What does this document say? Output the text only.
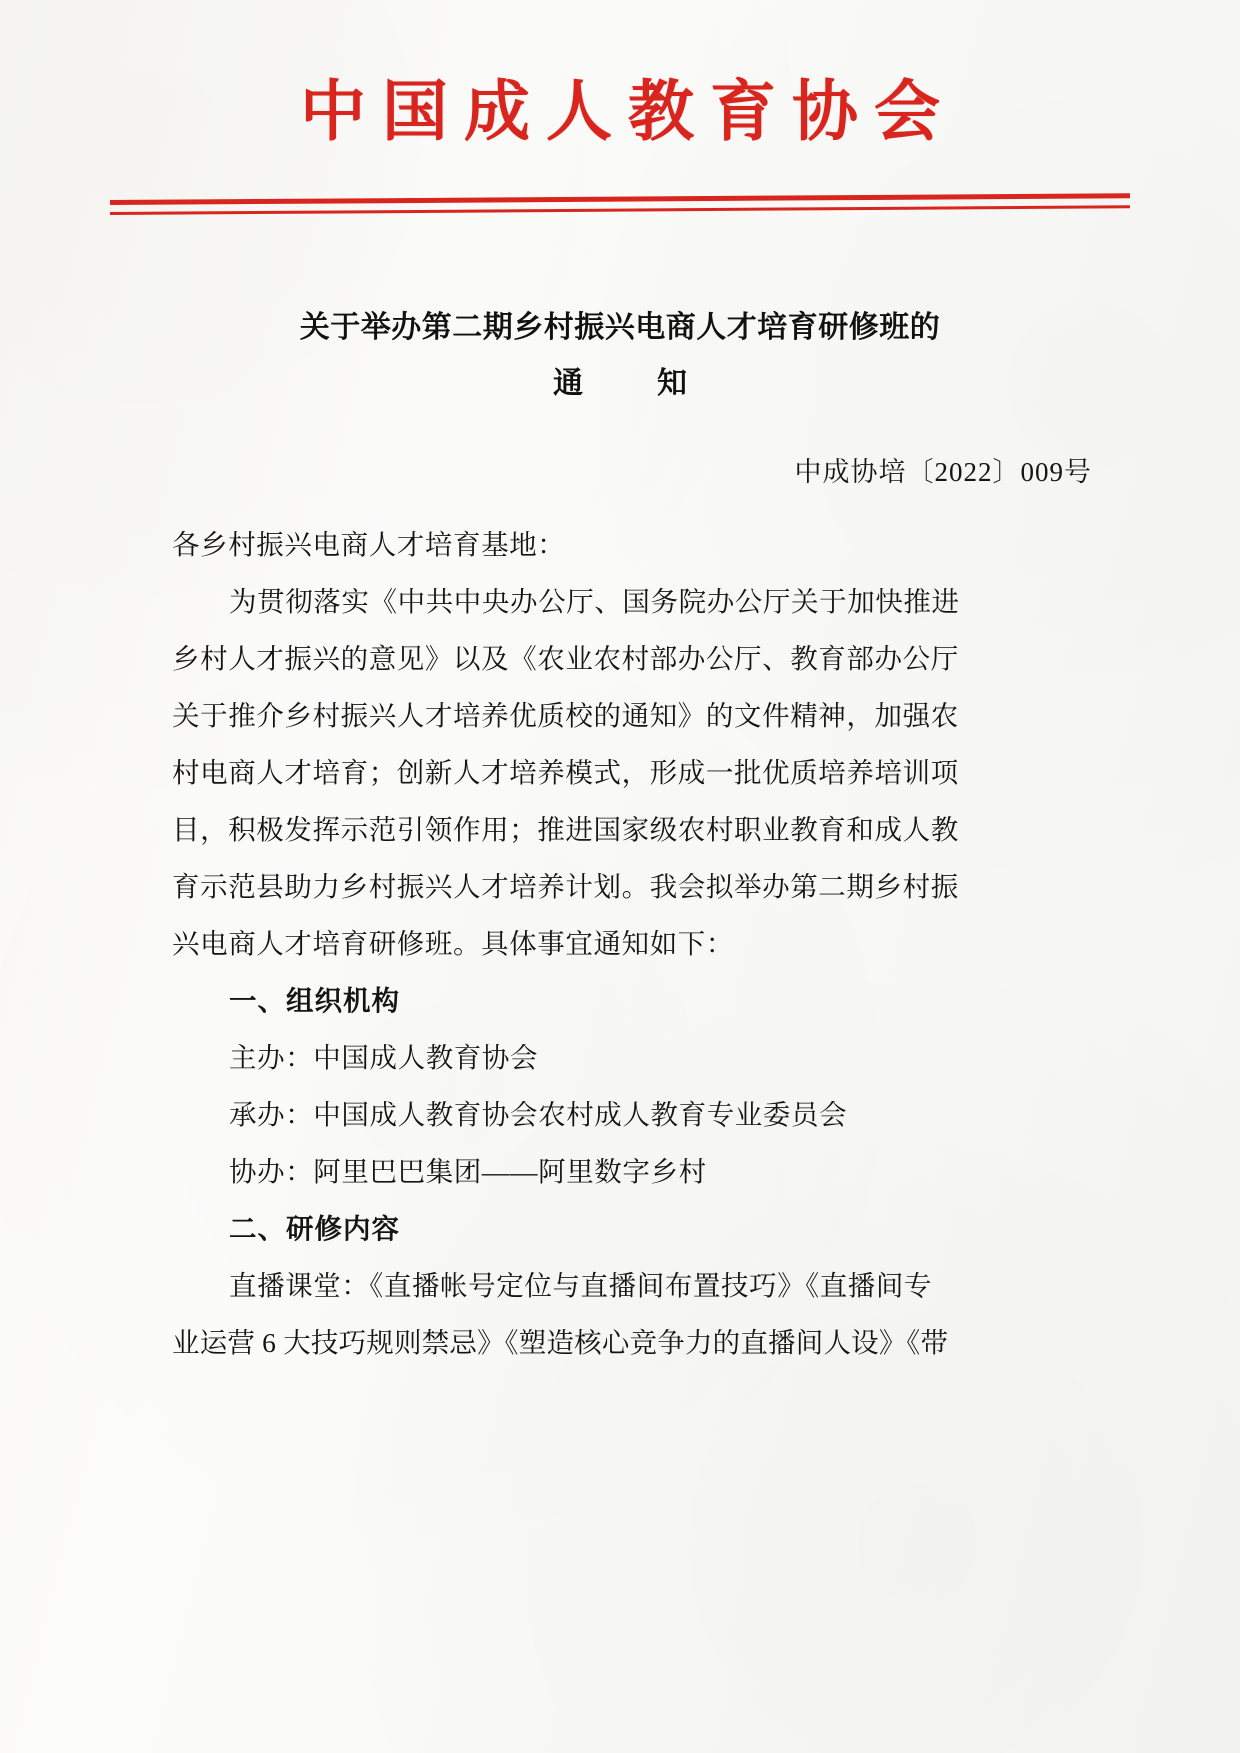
中国成人教育协会
关于举办第二期乡村振兴电商人才培育研修班的
通　知
中成协培〔2022〕009号
各乡村振兴电商人才培育基地：
为贯彻落实《中共中央办公厅、国务院办公厅关于加快推进
乡村人才振兴的意见》以及《农业农村部办公厅、教育部办公厅
关于推介乡村振兴人才培养优质校的通知》的文件精神，加强农
村电商人才培育；创新人才培养模式，形成一批优质培养培训项
目，积极发挥示范引领作用；推进国家级农村职业教育和成人教
育示范县助力乡村振兴人才培养计划。我会拟举办第二期乡村振
兴电商人才培育研修班。具体事宜通知如下：
一、组织机构
主办：中国成人教育协会
承办：中国成人教育协会农村成人教育专业委员会
协办：阿里巴巴集团——阿里数字乡村
二、研修内容
直播课堂：《直播帐号定位与直播间布置技巧》《直播间专
业运营 6 大技巧规则禁忌》《塑造核心竞争力的直播间人设》《带
